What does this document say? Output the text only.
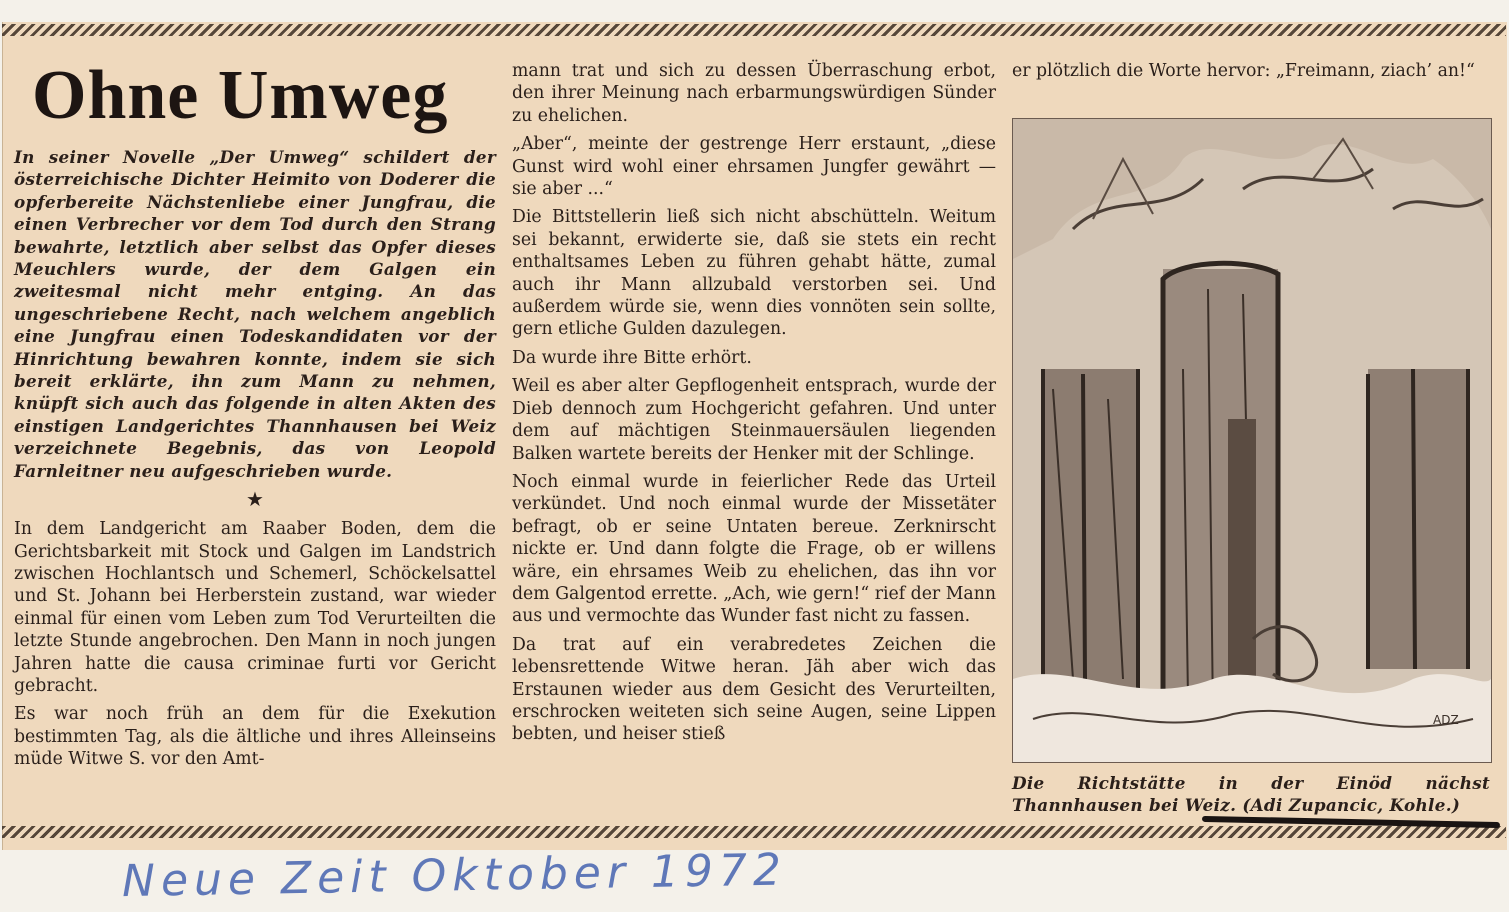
Ohne Umweg

In seiner Novelle „Der Umweg“ schildert der österreichische Dichter Heimito von Doderer die opferbereite Nächstenliebe einer Jungfrau, die einen Verbrecher vor dem Tod durch den Strang bewahrte, letztlich aber selbst das Opfer dieses Meuchlers wurde, der dem Galgen ein zweitesmal nicht mehr entging. An das ungeschriebene Recht, nach welchem angeblich eine Jungfrau einen Todeskandidaten vor der Hinrichtung bewahren konnte, indem sie sich bereit erklärte, ihn zum Mann zu nehmen, knüpft sich auch das folgende in alten Akten des einstigen Landgerichtes Thannhausen bei Weiz verzeichnete Begebnis, das von Leopold Farnleitner neu aufgeschrieben wurde.

★

In dem Landgericht am Raaber Boden, dem die Gerichtsbarkeit mit Stock und Galgen im Landstrich zwischen Hochlantsch und Schemerl, Schöckelsattel und St. Johann bei Herberstein zustand, war wieder einmal für einen vom Leben zum Tod Verurteilten die letzte Stunde angebrochen. Den Mann in noch jungen Jahren hatte die causa criminae furti vor Gericht gebracht.

Es war noch früh an dem für die Exekution bestimmten Tag, als die ältliche und ihres Alleinseins müde Witwe S. vor den Amt-

mann trat und sich zu dessen Überraschung erbot, den ihrer Meinung nach erbarmungswürdigen Sünder zu ehelichen.

„Aber“, meinte der gestrenge Herr erstaunt, „diese Gunst wird wohl einer ehrsamen Jungfer gewährt — sie aber ...“

Die Bittstellerin ließ sich nicht abschütteln. Weitum sei bekannt, erwiderte sie, daß sie stets ein recht enthaltsames Leben zu führen gehabt hätte, zumal auch ihr Mann allzubald verstorben sei. Und außerdem würde sie, wenn dies vonnöten sein sollte, gern etliche Gulden dazulegen.

Da wurde ihre Bitte erhört.

Weil es aber alter Gepflogenheit entsprach, wurde der Dieb dennoch zum Hochgericht gefahren. Und unter dem auf mächtigen Steinmauersäulen liegenden Balken wartete bereits der Henker mit der Schlinge.

Noch einmal wurde in feierlicher Rede das Urteil verkündet. Und noch einmal wurde der Missetäter befragt, ob er seine Untaten bereue. Zerknirscht nickte er. Und dann folgte die Frage, ob er willens wäre, ein ehrsames Weib zu ehelichen, das ihn vor dem Galgentod errette. „Ach, wie gern!“ rief der Mann aus und vermochte das Wunder fast nicht zu fassen.

Da trat auf ein verabredetes Zeichen die lebensrettende Witwe heran. Jäh aber wich das Erstaunen wieder aus dem Gesicht des Verurteilten, erschrocken weiteten sich seine Augen, seine Lippen bebten, und heiser stieß

er plötzlich die Worte hervor: „Freimann, ziach’ an!“

ADZ
Die Richtstätte in der Einöd nächst Thannhausen bei Weiz. (Adi Zupancic, Kohle.)
Neue Zeit Oktober 1972
